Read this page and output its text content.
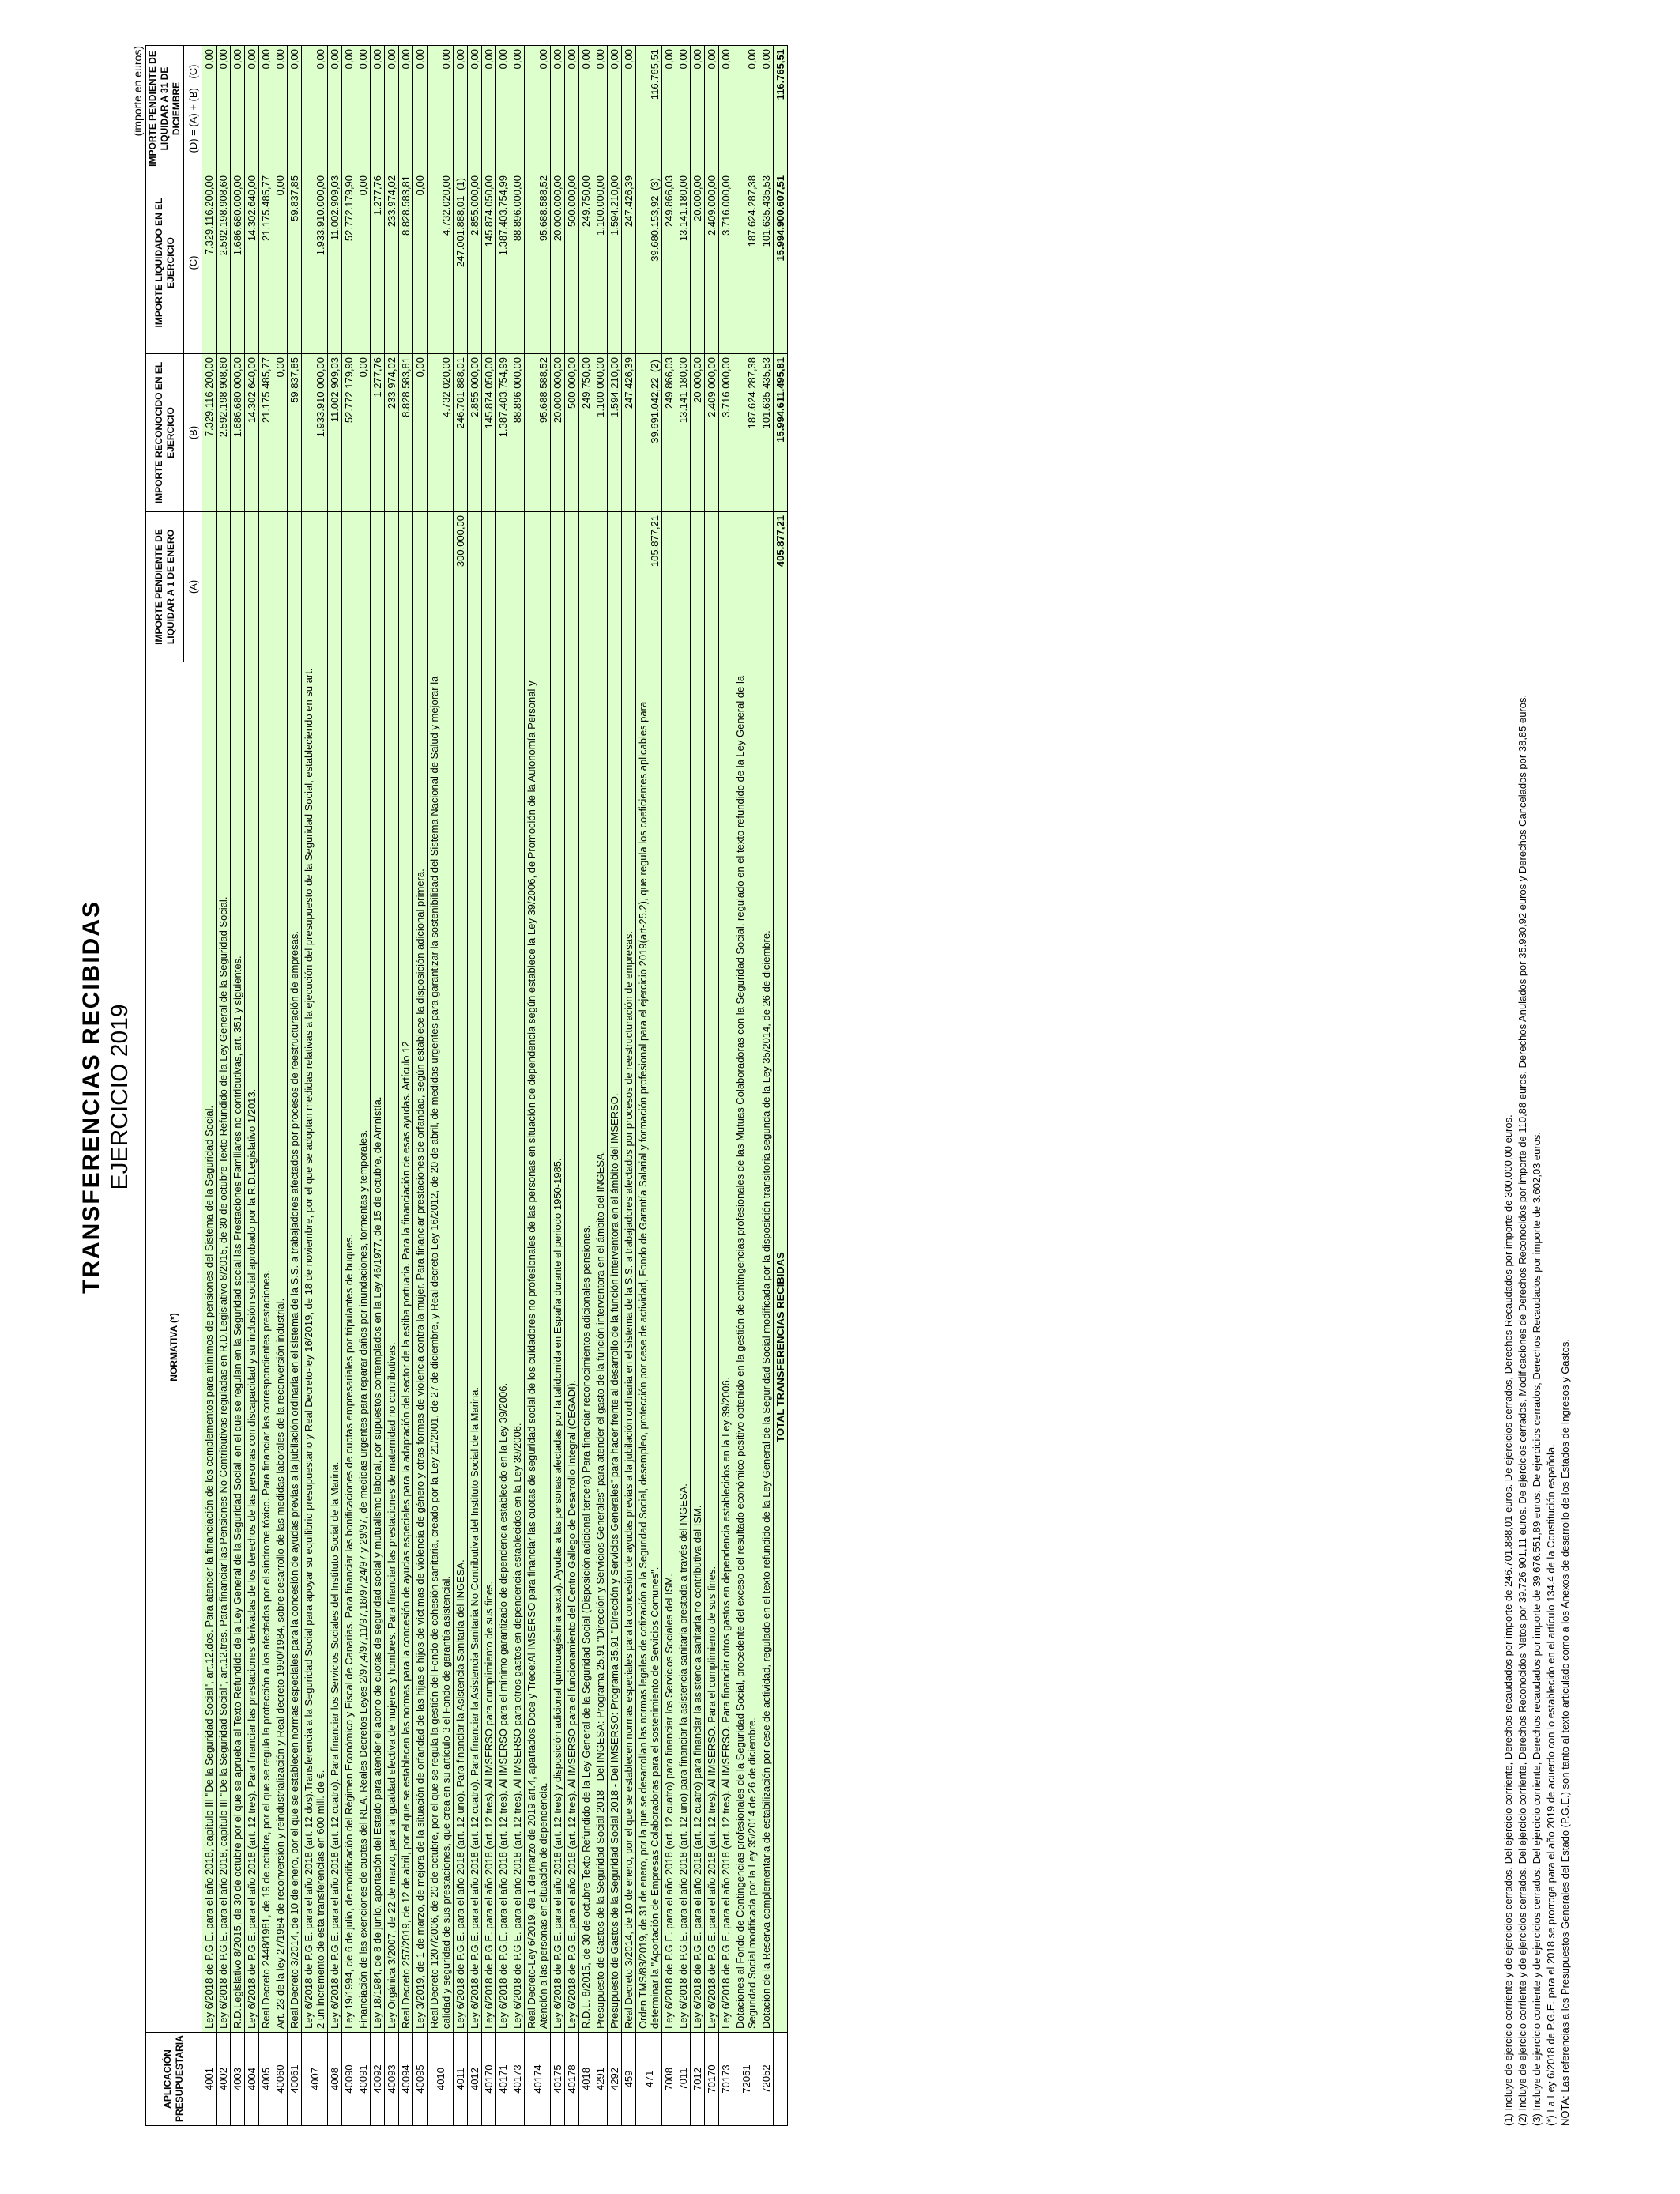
TRANSFERENCIAS RECIBIDAS EJERCICIO 2019
(importe en euros)
APLICACIÓN PRESUPUESTARIA	NORMATIVA (*)	IMPORTE PENDIENTE DE LIQUIDAR A 1 DE ENERO	IMPORTE RECONOCIDO EN EL EJERCICIO	IMPORTE LIQUIDADO EN EL EJERCICIO	IMPORTE PENDIENTE DE LIQUIDAR A 31 DE DICIEMBRE
		(A)	(B)	(C)	(D) = (A) + (B) - (C)
4001	Ley 6/2018 de P.G.E. para el año 2018, capítulo III "De la Seguridad Social", art.12.dos. Para atender la financiación de los complementos para mínimos de pensiones del Sistema de la Seguridad Social.		7.329.116.200,00	7.329.116.200,00	0,00
4002	Ley 6/2018 de P.G.E. para el año 2018, capítulo III "De la Seguridad Social", art.12.tres. Para financiar las Pensiones No Contributivas reguladas en R.D.Legislativo 8/2015, de 30 de octubre Texto Refundido de la Ley General de la Seguridad Social.		2.592.198.908,60	2.592.198.908,60	0,00
4003	R.D.Legislativo 8/2015, de 30 de octubre por el que se aprueba el Texto Refundido de la Ley General de la Seguridad Social, en el que se regulan en la Seguridad social las Prestaciones Familiares no contributivas, art. 351 y siguientes.		1.686.680.000,00	1.686.680.000,00	0,00
4004	Ley 6/2018 de P.G.E. para el año 2018 (art. 12.tres). Para financiar las prestaciones derivadas de los derechos de las personas con discapacidad y su inclusión social aprobado por la R.D.Legislativo 1/2013.		14.302.640,00	14.302.640,00	0,00
4005	Real Decreto 2448/1981, de 19 de octubre, por el que se regula la protección a los afectados por el síndrome tóxico. Para financiar las correspondientes prestaciones.		21.175.485,77	21.175.485,77	0,00
40060	Art. 23 de la ley 27/1984 de reconversión y reindustrialización y Real decreto 1990/1984, sobre desarrollo de las medidas laborales de la reconversión industrial.		0,00	0,00	0,00
40061	Real Decreto 3/2014, de 10 de enero, por el que se establecen normas especiales para la concesión de ayudas previas a la jubilación ordinaria en el sistema de la S.S. a trabajadores afectados por procesos de reestructuración de empresas.		59.837,85	59.837,85	0,00
4007	Ley 6/2018 de P.G.E. para el año 2018 (art. 12.dos).Transferencia a la Seguridad Social para apoyar su equilibrio presupuestario y Real Decreto-ley 16/2019, de 18 de noviembre, por el que se adoptan medidas relativas a la ejecución del presupuesto de la Seguridad Social, estableciendo en su art. 2 un incremento de esta transferencias en 600 mill. de €.		1.933.910.000,00	1.933.910.000,00	0,00
4008	Ley 6/2018 de P.G.E. para el año 2018 (art. 12.cuatro). Para financiar los Servicios Sociales del Instituto Social de la Marina.		11.002.909,03	11.002.909,03	0,00
40090	Ley 19/1994, de 6 de julio, de modificación del Régimen Económico y Fiscal de Canarias. Para financiar las bonificaciones de cuotas empresariales por tripulantes de buques.		52.772.179,90	52.772.179,90	0,00
40091	Financiación de las exenciones de cuotas del REA. Reales Decretos Leyes 2/97,4/97,11/97,18/97,24/97 y 29/97, de medidas urgentes para reparar daños por inundaciones, tormentas y temporales.		0,00	0,00	0,00
40092	Ley 18/1984, de 8 de junio, aportación del Estado para atender el abono de cuotas de seguridad social y mutualismo laboral, por supuestos contemplados en la Ley 46/1977, de 15 de octubre, de Amnistía.		1.277,76	1.277,76	0,00
40093	Ley Orgánica 3/2007, de 22 de marzo, para la igualdad efectiva de mujeres y hombres. Para financiar las prestaciones de maternidad no contributivas.		233.974,02	233.974,02	0,00
40094	Real Decreto 257/2019, de 12 de abril, por el que se establecen las normas para la concesión de ayudas especiales para la adaptación del sector de la estiba portuaria. Para la financiación de esas ayudas. Artículo 12		8.828.583,81	8.828.583,81	0,00
40095	Ley 3/2019, de 1 de marzo, de mejora de la situación de orfandad de las hijas e hijos de víctimas de violencia de género y otras formas de violencia contra la mujer. Para financiar prestaciones de orfandad, según establece la disposición adicional primera.		0,00	0,00	0,00
4010	Real Decreto 1207/2006, de 20 de octubre, por el que se regula la gestión del Fondo de cohesión sanitaria, creado por la Ley 21/2001, de 27 de diciembre, y Real decreto Ley 16/2012, de 20 de abril, de medidas urgentes para garantizar la sostenibilidad del Sistema Nacional de Salud y mejorar la calidad y seguridad de sus prestaciones, que crea en su artículo 3 el Fondo de garantía asistencial.		4.732.020,00	4.732.020,00	0,00
4011	Ley 6/2018 de P.G.E. para el año 2018 (art. 12.uno). Para financiar la Asistencia Sanitaria del INGESA.	300.000,00	246.701.888,01	247.001.888,01 (1)	0,00
4012	Ley 6/2018 de P.G.E. para el año 2018 (art. 12.cuatro). Para financiar la Asistencia Sanitaria No Contributiva del Instituto Social de la Marina.		2.855.000,00	2.855.000,00	0,00
40170	Ley 6/2018 de P.G.E. para el año 2018 (art. 12.tres). Al IMSERSO para cumplimiento de sus fines.		145.874.050,00	145.874.050,00	0,00
40171	Ley 6/2018 de P.G.E. para el año 2018 (art. 12.tres). Al IMSERSO para el mínimo garantizado de dependencia establecido en la Ley 39/2006.		1.387.403.754,99	1.387.403.754,99	0,00
40173	Ley 6/2018 de P.G.E. para el año 2018 (art. 12.tres). Al IMSERSO para otros gastos en dependencia establecidos en la Ley 39/2006.		88.896.000,00	88.896.000,00	0,00
40174	Real Decreto-Ley 6/2019, de 1 de marzo de 2019 art.4, apartados Doce y Trece:Al IMSERSO para financiar las cuotas de seguridad social de los cuidadores no profesionales de las personas en situación de dependencia según establece la Ley 39/2006, de Promoción de la Autonomía Personal y Atención a las personas en situación de dependencia.		95.688.588,52	95.688.588,52	0,00
40175	Ley 6/2018 de P.G.E. para el año 2018 (art. 12.tres) y disposición adicional quincuagésima sexta). Ayudas a las personas afectadas por la talidomida en España durante el periodo 1950-1985.		20.000.000,00	20.000.000,00	0,00
40178	Ley 6/2018 de P.G.E. para el año 2018 (art. 12.tres). Al IMSERSO para el funcionamiento del Centro Gallego de Desarrollo Integral (CEGADI).		500.000,00	500.000,00	0,00
4018	R.D.L. 8/2015, de 30 de octubre Texto Refundido de la Ley General de la Seguridad Social (Disposición adicional tercera) Para financiar reconocimientos adicionales pensiones.		249.750,00	249.750,00	0,00
4291	Presupuesto de Gastos de la Seguridad Social 2018 - Del INGESA: Programa 25.91 "Dirección y Servicios Generales" para atender el gasto de la función interventora en el ámbito del INGESA.		1.100.000,00	1.100.000,00	0,00
4292	Presupuesto de Gastos de la Seguridad Social 2018 - Del IMSERSO: Programa 35.91 "Dirección y Servicios Generales" para hacer frente al desarrollo de la función interventora en el ámbito del IMSERSO.		1.594.210,00	1.594.210,00	0,00
459	Real Decreto 3/2014, de 10 de enero, por el que se establecen normas especiales para la concesión de ayudas previas a la jubilación ordinaria en el sistema de la S.S. a trabajadores afectados por procesos de reestructuración de empresas.		247.426,39	247.426,39	0,00
471	Orden TMS/83/2019, de 31 de enero, por la que se desarrollan las normas legales de cotización a la Seguridad Social, desempleo, protección por cese de actividad, Fondo de Garantía Salarial y formación profesional para el ejercicio 2019(art-25.2), que regula los coeficientes aplicables para determinar la "Aportación de Empresas Colaboradoras para el sostenimiento de Servicios Comunes".	105.877,21	39.691.042,22 (2)	39.680.153,92 (3)	116.765,51
7008	Ley 6/2018 de P.G.E. para el año 2018 (art. 12.cuatro) para financiar los Servicios Sociales del ISM.		249.866,03	249.866,03	0,00
7011	Ley 6/2018 de P.G.E. para el año 2018 (art. 12.uno) para financiar la asistencia sanitaria prestada a través del INGESA.		13.141.180,00	13.141.180,00	0,00
7012	Ley 6/2018 de P.G.E. para el año 2018 (art. 12.cuatro) para financiar la asistencia sanitaria no contributiva del ISM.		20.000,00	20.000,00	0,00
70170	Ley 6/2018 de P.G.E. para el año 2018 (art. 12.tres). Al IMSERSO. Para el cumplimiento de sus fines.		2.409.000,00	2.409.000,00	0,00
70173	Ley 6/2018 de P.G.E. para el año 2018 (art. 12.tres). Al IMSERSO. Para financiar otros gastos en dependencia establecidos en la Ley 39/2006.		3.716.000,00	3.716.000,00	0,00
72051	Dotaciones al Fondo de Contingencias profesionales de la Seguridad Social, procedente del exceso del resultado económico positivo obtenido en la gestión de contingencias profesionales de las Mutuas Colaboradoras con la Seguridad Social, regulado en el texto refundido de la Ley General de la Seguridad Social modificada por la Ley 35/2014 de 26 de diciembre.		187.624.287,38	187.624.287,38	0,00
72052	Dotación de la Reserva complementaria de estabilización por cese de actividad, regulado en el texto refundido de la Ley General de la Seguridad Social modificada por la disposición transitoria segunda de la Ley 35/2014, de 26 de diciembre.		101.635.435,53	101.635.435,53	0,00
	TOTAL TRANSFERENCIAS RECIBIDAS	405.877,21	15.994.611.495,81	15.994.900.607,51	116.765,51
(1) Incluye de ejercicio corriente y de ejercicios cerrados. Del ejercicio corriente, Derechos recaudados por importe de 246.701.888,01 euros. De ejercicios cerrados, Derechos Recaudados por importe de 300.000,00 euros. (2) Incluye de ejercicio corriente y de ejercicios cerrados. Del ejercicio corriente, Derechos Reconocidos Netos por 39.726.901,11 euros. De ejercicios cerrados, Modificaciones de Derechos Reconocidos por importe de 110,88 euros, Derechos Anulados por 35.930,92 euros y Derechos Cancelados por 38,85 euros. (3) Incluye de ejercicio corriente y de ejercicios cerrados. Del ejercicio corriente, Derechos recaudados por importe de 39.676.551,89 euros. De ejercicios cerrados, Derechos Recaudados por importe de 3.602,03 euros. (*) La Ley 6/2018 de P.G.E. para el 2018 se prorroga para el año 2019 de acuerdo con lo establecido en el artículo 134.4 de la Constitución española. NOTA: Las referencias a los Presupuestos Generales del Estado (P.G.E.) son tanto al texto articulado como a los Anexos de desarrollo de los Estados de Ingresos y Gastos.
